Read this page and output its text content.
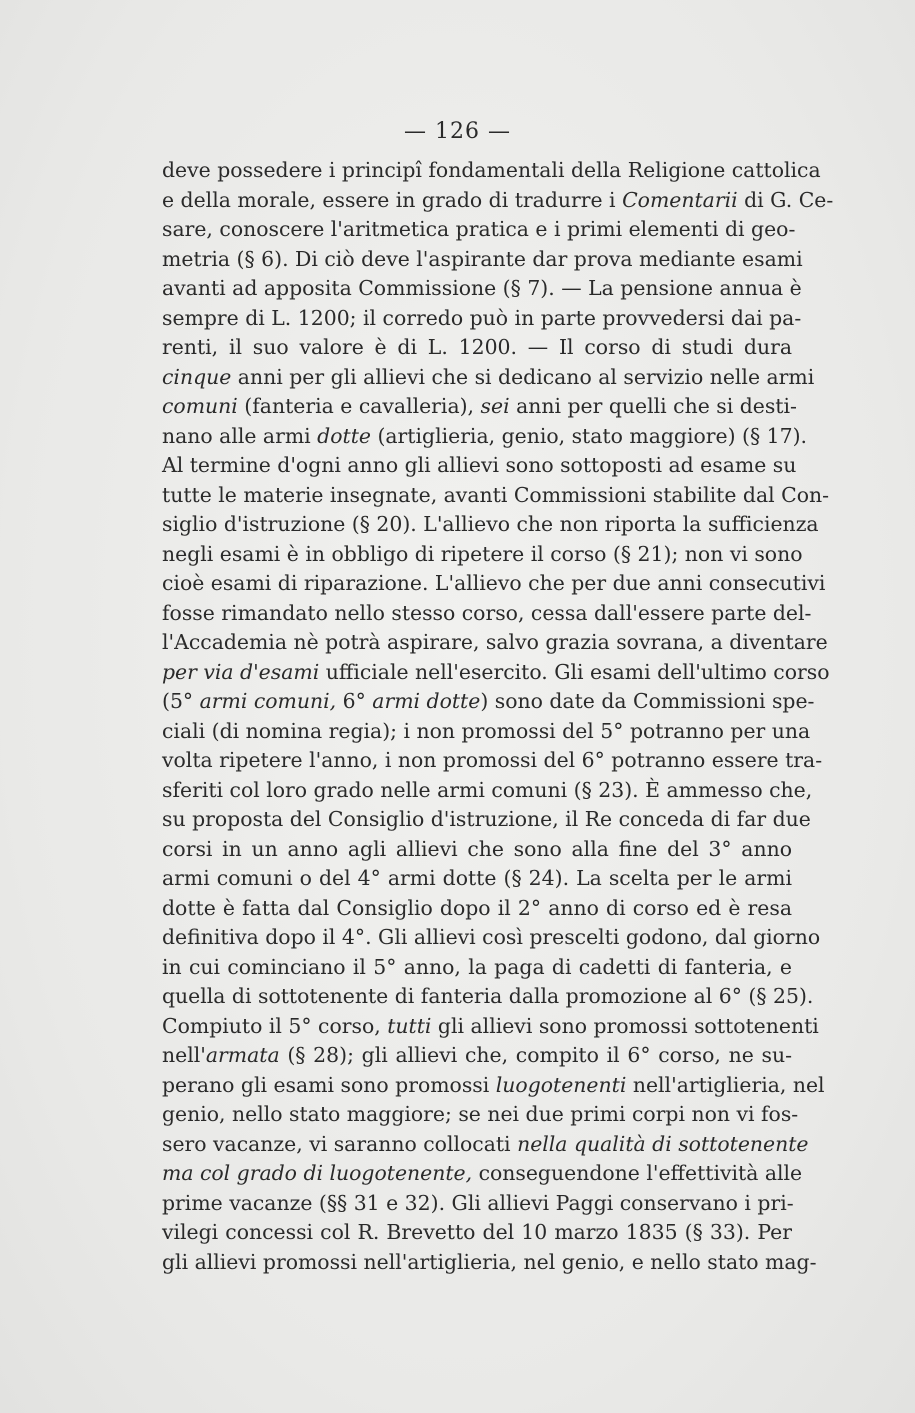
— 126 —
deve possedere i principî fondamentali della Religione cattolica
e della morale, essere in grado di tradurre i Comentarii di G. Ce-
sare, conoscere l'aritmetica pratica e i primi elementi di geo-
metria (§ 6). Di ciò deve l'aspirante dar prova mediante esami
avanti ad apposita Commissione (§ 7). — La pensione annua è
sempre di L. 1200; il corredo può in parte provvedersi dai pa-
renti, il suo valore è di L. 1200. — Il corso di studi dura
cinque anni per gli allievi che si dedicano al servizio nelle armi
comuni (fanteria e cavalleria), sei anni per quelli che si desti-
nano alle armi dotte (artiglieria, genio, stato maggiore) (§ 17).
Al termine d'ogni anno gli allievi sono sottoposti ad esame su
tutte le materie insegnate, avanti Commissioni stabilite dal Con-
siglio d'istruzione (§ 20). L'allievo che non riporta la sufficienza
negli esami è in obbligo di ripetere il corso (§ 21); non vi sono
cioè esami di riparazione. L'allievo che per due anni consecutivi
fosse rimandato nello stesso corso, cessa dall'essere parte del-
l'Accademia nè potrà aspirare, salvo grazia sovrana, a diventare
per via d'esami ufficiale nell'esercito. Gli esami dell'ultimo corso
(5° armi comuni, 6° armi dotte) sono date da Commissioni spe-
ciali (di nomina regia); i non promossi del 5° potranno per una
volta ripetere l'anno, i non promossi del 6° potranno essere tra-
sferiti col loro grado nelle armi comuni (§ 23). È ammesso che,
su proposta del Consiglio d'istruzione, il Re conceda di far due
corsi in un anno agli allievi che sono alla fine del 3° anno
armi comuni o del 4° armi dotte (§ 24). La scelta per le armi
dotte è fatta dal Consiglio dopo il 2° anno di corso ed è resa
definitiva dopo il 4°. Gli allievi così prescelti godono, dal giorno
in cui cominciano il 5° anno, la paga di cadetti di fanteria, e
quella di sottotenente di fanteria dalla promozione al 6° (§ 25).
Compiuto il 5° corso, tutti gli allievi sono promossi sottotenenti
nell'armata (§ 28); gli allievi che, compito il 6° corso, ne su-
perano gli esami sono promossi luogotenenti nell'artiglieria, nel
genio, nello stato maggiore; se nei due primi corpi non vi fos-
sero vacanze, vi saranno collocati nella qualità di sottotenente
ma col grado di luogotenente, conseguendone l'effettività alle
prime vacanze (§§ 31 e 32). Gli allievi Paggi conservano i pri-
vilegi concessi col R. Brevetto del 10 marzo 1835 (§ 33). Per
gli allievi promossi nell'artiglieria, nel genio, e nello stato mag-
